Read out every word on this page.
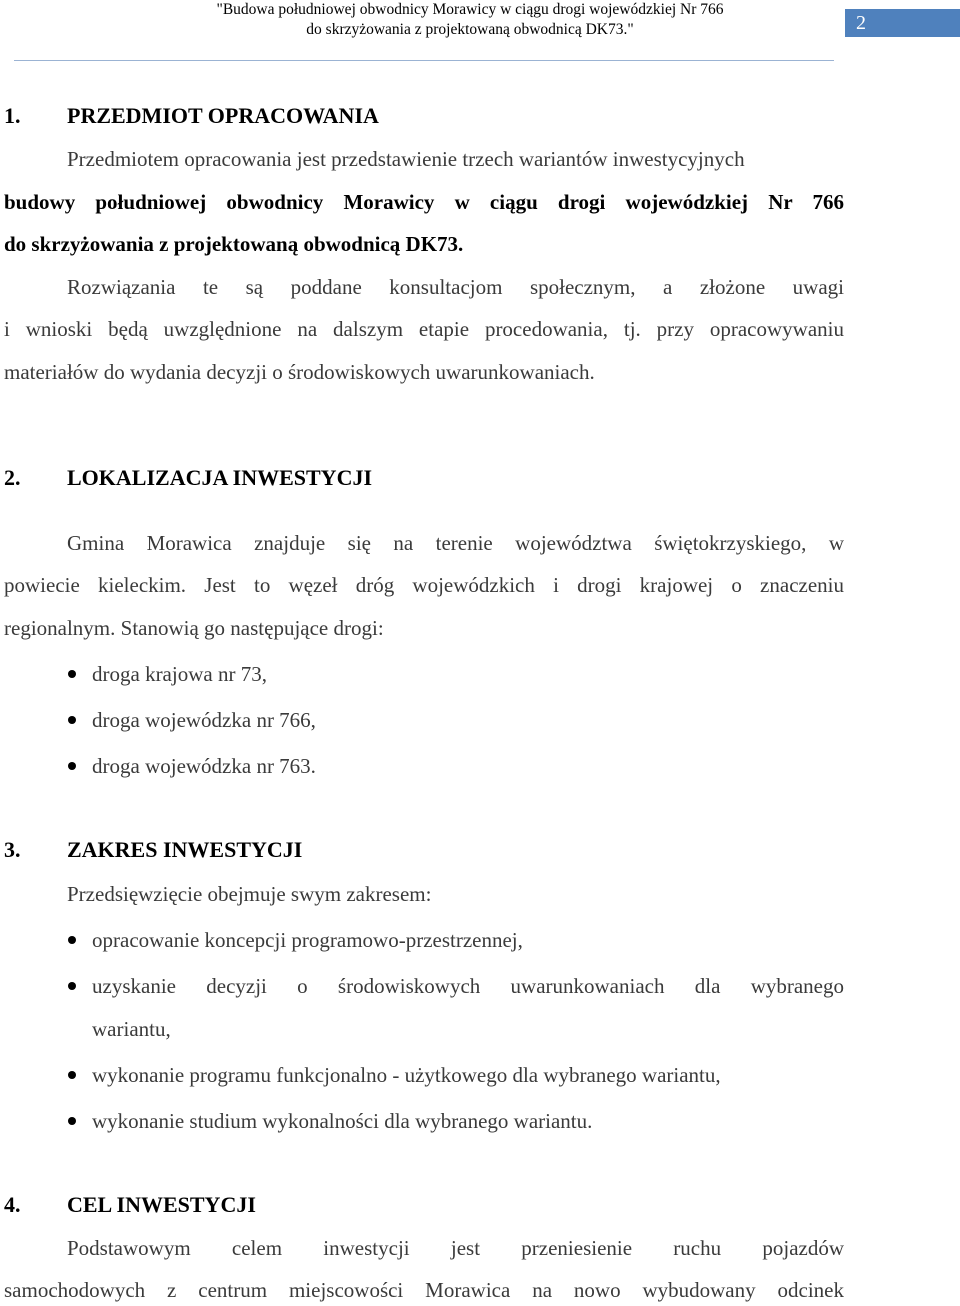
"Budowa południowej obwodnicy Morawicy w ciągu drogi wojewódzkiej Nr 766
do skrzyżowania z projektowaną obwodnicą DK73."	2
1. PRZEDMIOT OPRACOWANIA
Przedmiotem opracowania jest przedstawienie trzech wariantów inwestycyjnych
budowy południowej obwodnicy Morawicy w ciągu drogi wojewódzkiej Nr 766
do skrzyżowania z projektowaną obwodnicą DK73.
Rozwiązania te są poddane konsultacjom społecznym, a złożone uwagi
i wnioski będą uwzględnione na dalszym etapie procedowania, tj. przy opracowywaniu
materiałów do wydania decyzji o środowiskowych uwarunkowaniach.
2. LOKALIZACJA INWESTYCJI
Gmina Morawica znajduje się na terenie województwa świętokrzyskiego, w
powiecie kieleckim. Jest to węzeł dróg wojewódzkich i drogi krajowej o znaczeniu
regionalnym. Stanowią go następujące drogi:
droga krajowa nr 73,
droga wojewódzka nr 766,
droga wojewódzka nr 763.
3. ZAKRES INWESTYCJI
Przedsięwzięcie obejmuje swym zakresem:
opracowanie koncepcji programowo-przestrzennej,
uzyskanie decyzji o środowiskowych uwarunkowaniach dla wybranego
wariantu,
wykonanie programu funkcjonalno - użytkowego dla wybranego wariantu,
wykonanie studium wykonalności dla wybranego wariantu.
4. CEL INWESTYCJI
Podstawowym celem inwestycji jest przeniesienie ruchu pojazdów
samochodowych z centrum miejscowości Morawica na nowo wybudowany odcinek
